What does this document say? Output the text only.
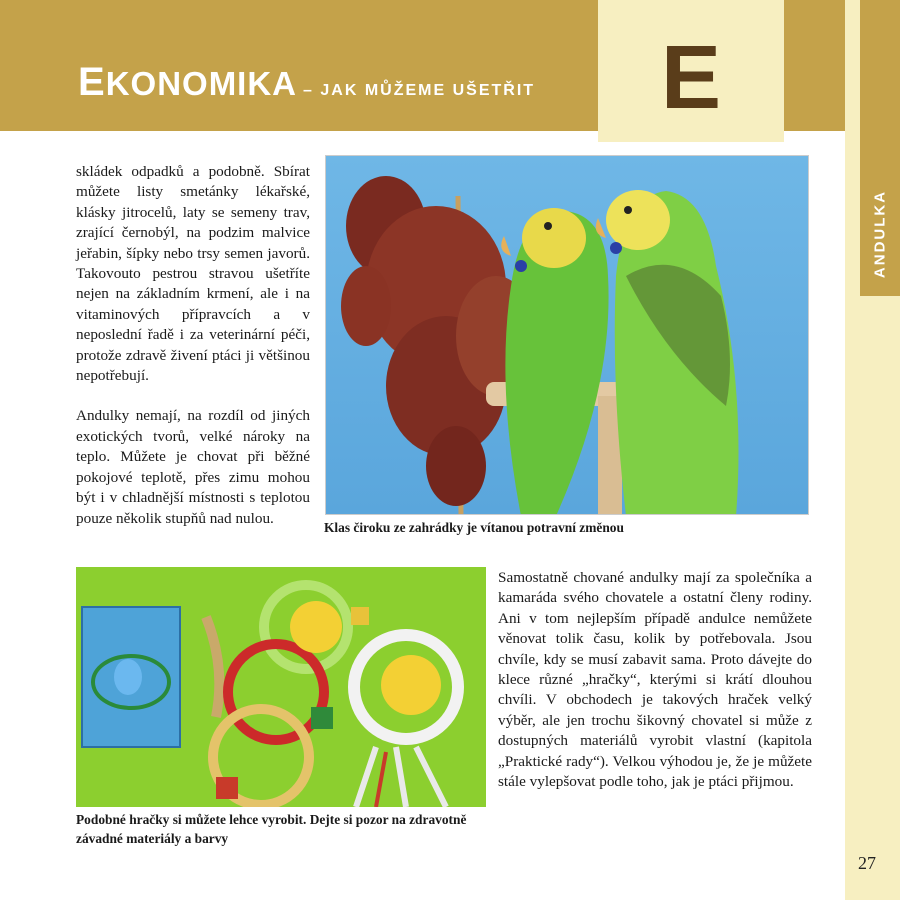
EKONOMIKA – JAK MŮŽEME UŠETŘIT E
ANDULKA

skládek odpadků a podobně. Sbírat můžete listy smetánky lékařské, klásky jitrocelů, laty se semeny trav, zrající černobýl, na podzim malvice jeřabin, šípky nebo trsy semen javorů. Takovouto pestrou stravou ušetříte nejen na základním krmení, ale i na vitaminových přípravcích a v neposlední řadě i za veterinární péči, protože zdravě živení ptáci ji většinou nepotřebují.

Andulky nemají, na rozdíl od jiných exotických tvorů, velké nároky na teplo. Můžete je chovat při běžné pokojové teplotě, přes zimu mohou být i v chladnější místnosti s teplotou pouze několik stupňů nad nulou.

Klas čiroku ze zahrádky je vítanou potravní změnou

Podobné hračky si můžete lehce vyrobit. Dejte si pozor na zdravotně závadné materiály a barvy

Samostatně chované andulky mají za společníka a kamaráda svého chovatele a ostatní členy rodiny. Ani v tom nejlepším případě andulce nemůžete věnovat tolik času, kolik by potřebovala. Jsou chvíle, kdy se musí zabavit sama. Proto dávejte do klece různé „hračky“, kterými si krátí dlouhou chvíli. V obchodech je takových hraček velký výběr, ale jen trochu šikovný chovatel si může z dostupných materiálů vyrobit vlastní (kapitola „Praktické rady“). Velkou výhodou je, že je můžete stále vylepšovat podle toho, jak je ptáci přijmou.

27
